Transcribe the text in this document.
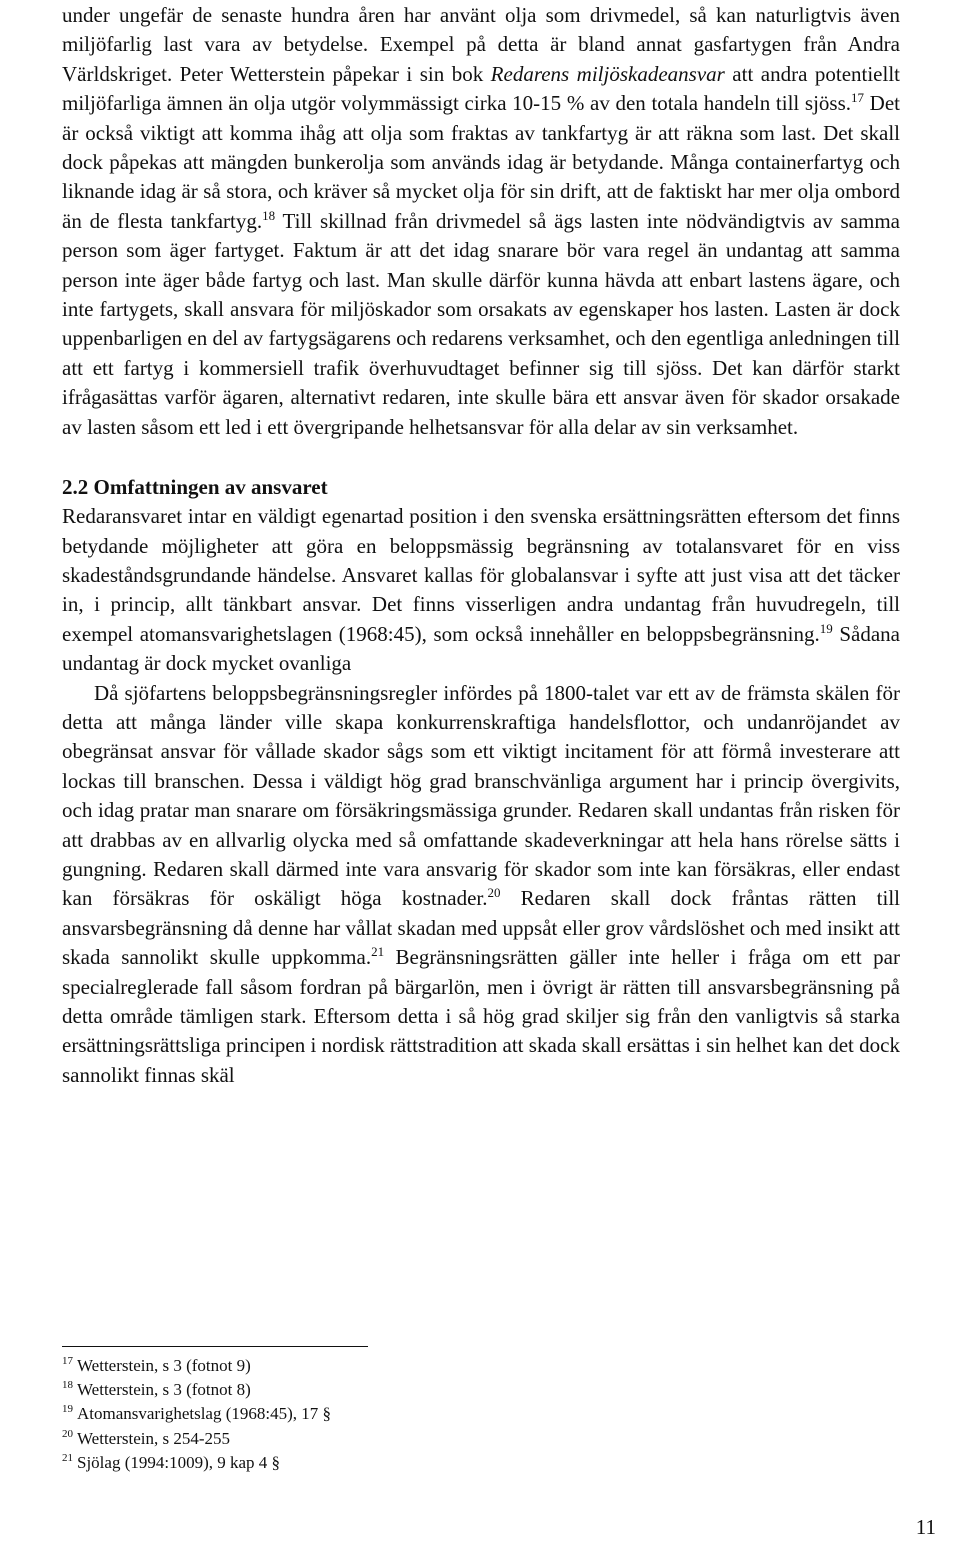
under ungefär de senaste hundra åren har använt olja som drivmedel, så kan naturligtvis även miljöfarlig last vara av betydelse. Exempel på detta är bland annat gasfartygen från Andra Världskriget. Peter Wetterstein påpekar i sin bok Redarens miljöskadeansvar att andra potentiellt miljöfarliga ämnen än olja utgör volymmässigt cirka 10-15 % av den totala handeln till sjöss.$^{17}$ Det är också viktigt att komma ihåg att olja som fraktas av tankfartyg är att räkna som last. Det skall dock påpekas att mängden bunkerolja som används idag är betydande. Många containerfartyg och liknande idag är så stora, och kräver så mycket olja för sin drift, att de faktiskt har mer olja ombord än de flesta tankfartyg.$^{18}$ Till skillnad från drivmedel så ägs lasten inte nödvändigtvis av samma person som äger fartyget. Faktum är att det idag snarare bör vara regel än undantag att samma person inte äger både fartyg och last. Man skulle därför kunna hävda att enbart lastens ägare, och inte fartygets, skall ansvara för miljöskador som orsakats av egenskaper hos lasten. Lasten är dock uppenbarligen en del av fartygsägarens och redarens verksamhet, och den egentliga anledningen till att ett fartyg i kommersiell trafik överhuvudtaget befinner sig till sjöss. Det kan därför starkt ifrågasättas varför ägaren, alternativt redaren, inte skulle bära ett ansvar även för skador orsakade av lasten såsom ett led i ett övergripande helhetsansvar för alla delar av sin verksamhet.

2.2 Omfattningen av ansvaret

Redaransvaret intar en väldigt egenartad position i den svenska ersättningsrätten eftersom det finns betydande möjligheter att göra en beloppsmässig begränsning av totalansvaret för en viss skadeståndsgrundande händelse. Ansvaret kallas för globalansvar i syfte att just visa att det täcker in, i princip, allt tänkbart ansvar. Det finns visserligen andra undantag från huvudregeln, till exempel atomansvarighetslagen (1968:45), som också innehåller en beloppsbegränsning.$^{19}$ Sådana undantag är dock mycket ovanliga

Då sjöfartens beloppsbegränsningsregler infördes på 1800-talet var ett av de främsta skälen för detta att många länder ville skapa konkurrenskraftiga handelsflottor, och undanröjandet av obegränsat ansvar för vållade skador sågs som ett viktigt incitament för att förmå investerare att lockas till branschen. Dessa i väldigt hög grad branschvänliga argument har i princip övergivits, och idag pratar man snarare om försäkringsmässiga grunder. Redaren skall undantas från risken för att drabbas av en allvarlig olycka med så omfattande skadeverkningar att hela hans rörelse sätts i gungning. Redaren skall därmed inte vara ansvarig för skador som inte kan försäkras, eller endast kan försäkras för oskäligt höga kostnader.$^{20}$ Redaren skall dock fråntas rätten till ansvarsbegränsning då denne har vållat skadan med uppsåt eller grov vårdslöshet och med insikt att skada sannolikt skulle uppkomma.$^{21}$ Begränsningsrätten gäller inte heller i fråga om ett par specialreglerade fall såsom fordran på bärgarlön, men i övrigt är rätten till ansvarsbegränsning på detta område tämligen stark. Eftersom detta i så hög grad skiljer sig från den vanligtvis så starka ersättningsrättsliga principen i nordisk rättstradition att skada skall ersättas i sin helhet kan det dock sannolikt finnas skäl

$^{17}$ Wetterstein, s 3 (fotnot 9)

$^{18}$ Wetterstein, s 3 (fotnot 8)

$^{19}$ Atomansvarighetslag (1968:45), 17 §

$^{20}$ Wetterstein, s 254-255

$^{21}$ Sjölag (1994:1009), 9 kap 4 §

11
